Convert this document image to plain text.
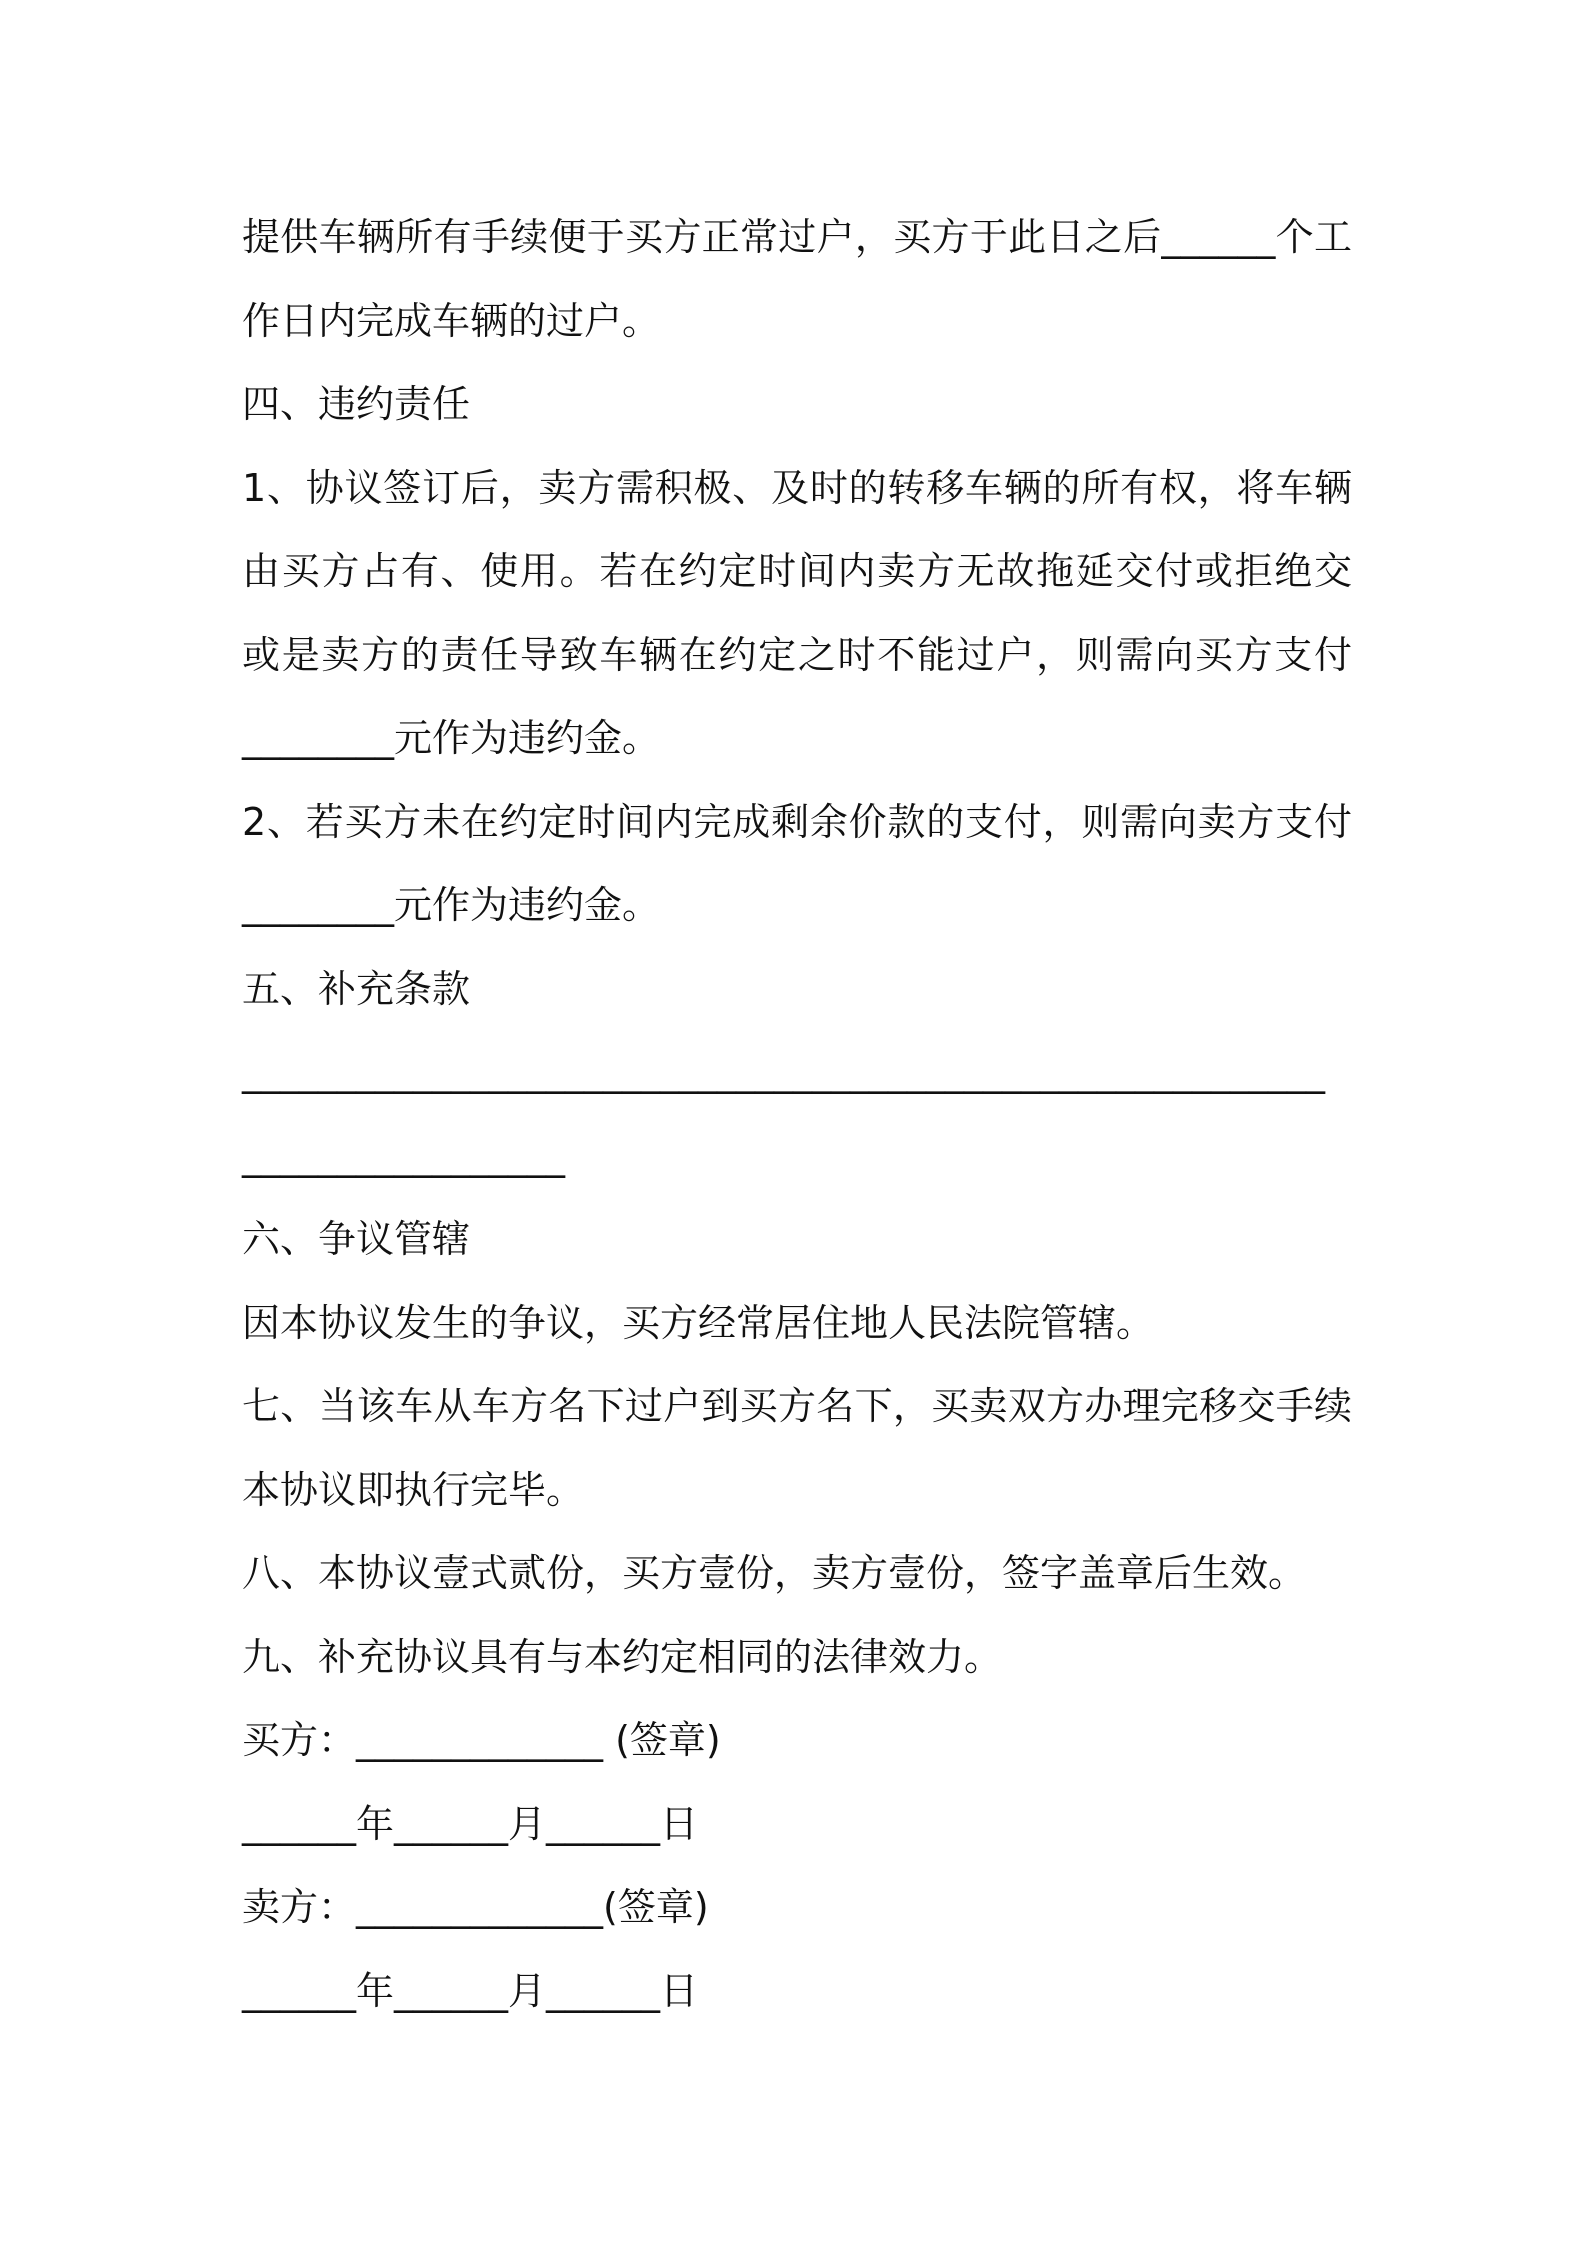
提供车辆所有手续便于买方正常过户，买方于此日之后______个工
作日内完成车辆的过户。
四、违约责任
1、协议签订后，卖方需积极、及时的转移车辆的所有权，将车辆
由买方占有、使用。若在约定时间内卖方无故拖延交付或拒绝交
或是卖方的责任导致车辆在约定之时不能过户，则需向买方支付
________元作为违约金。
2、若买方未在约定时间内完成剩余价款的支付，则需向卖方支付
________元作为违约金。
五、补充条款
_________________________________________________________
_________________
六、争议管辖
因本协议发生的争议，买方经常居住地人民法院管辖。
七、当该车从车方名下过户到买方名下，买卖双方办理完移交手续
本协议即执行完毕。
八、本协议壹式贰份，买方壹份，卖方壹份，签字盖章后生效。
九、补充协议具有与本约定相同的法律效力。
买方：_____________ (签章)
______年______月______日
卖方：_____________(签章)
______年______月______日
